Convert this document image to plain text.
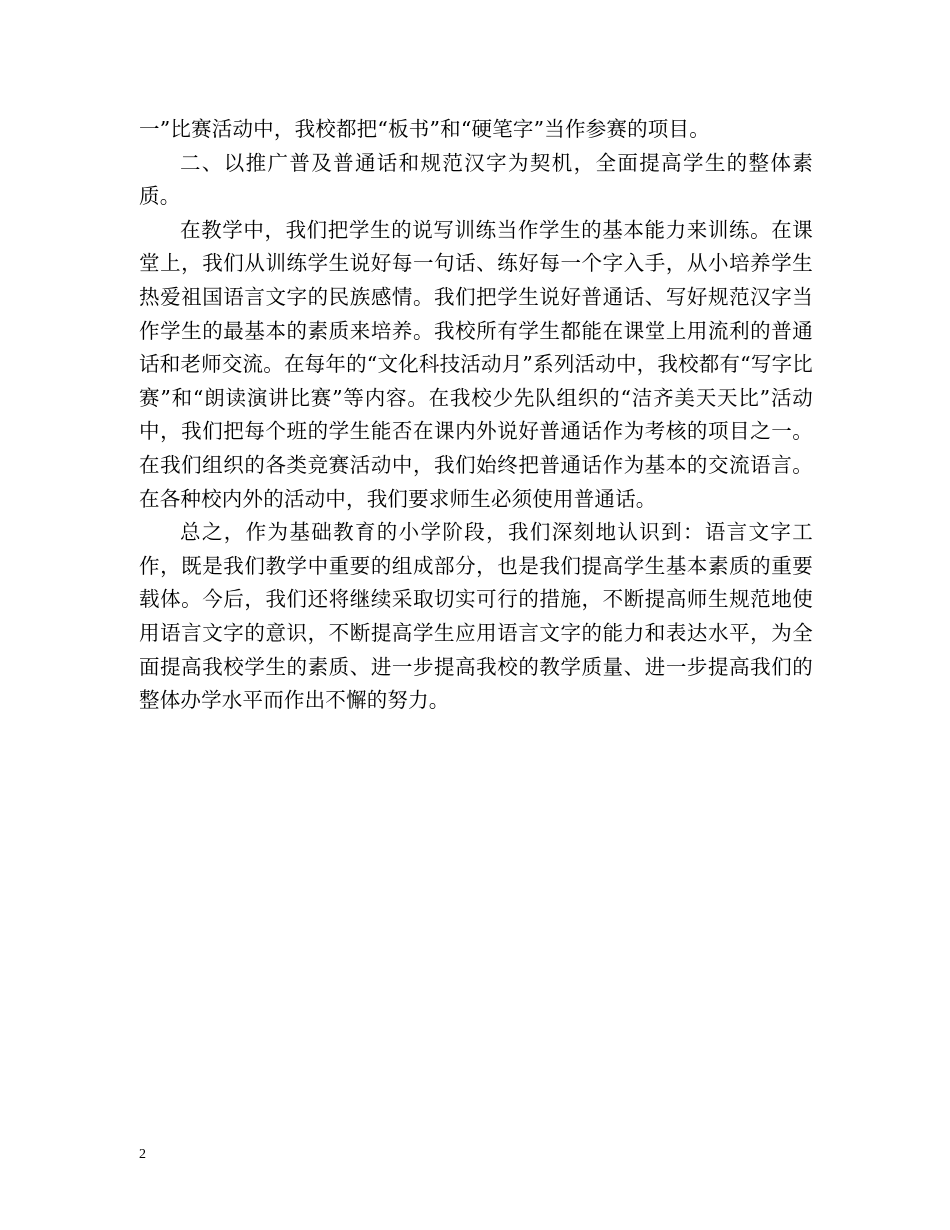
一”比赛活动中，我校都把“板书”和“硬笔字”当作参赛的项目。

二、以推广普及普通话和规范汉字为契机，全面提高学生的整体素质。

在教学中，我们把学生的说写训练当作学生的基本能力来训练。在课堂上，我们从训练学生说好每一句话、练好每一个字入手，从小培养学生热爱祖国语言文字的民族感情。我们把学生说好普通话、写好规范汉字当作学生的最基本的素质来培养。我校所有学生都能在课堂上用流利的普通话和老师交流。在每年的“文化科技活动月”系列活动中，我校都有“写字比赛”和“朗读演讲比赛”等内容。在我校少先队组织的“洁齐美天天比”活动中，我们把每个班的学生能否在课内外说好普通话作为考核的项目之一。在我们组织的各类竞赛活动中，我们始终把普通话作为基本的交流语言。在各种校内外的活动中，我们要求师生必须使用普通话。

总之，作为基础教育的小学阶段，我们深刻地认识到：语言文字工作，既是我们教学中重要的组成部分，也是我们提高学生基本素质的重要载体。今后，我们还将继续采取切实可行的措施，不断提高师生规范地使用语言文字的意识，不断提高学生应用语言文字的能力和表达水平，为全面提高我校学生的素质、进一步提高我校的教学质量、进一步提高我们的整体办学水平而作出不懈的努力。

2
